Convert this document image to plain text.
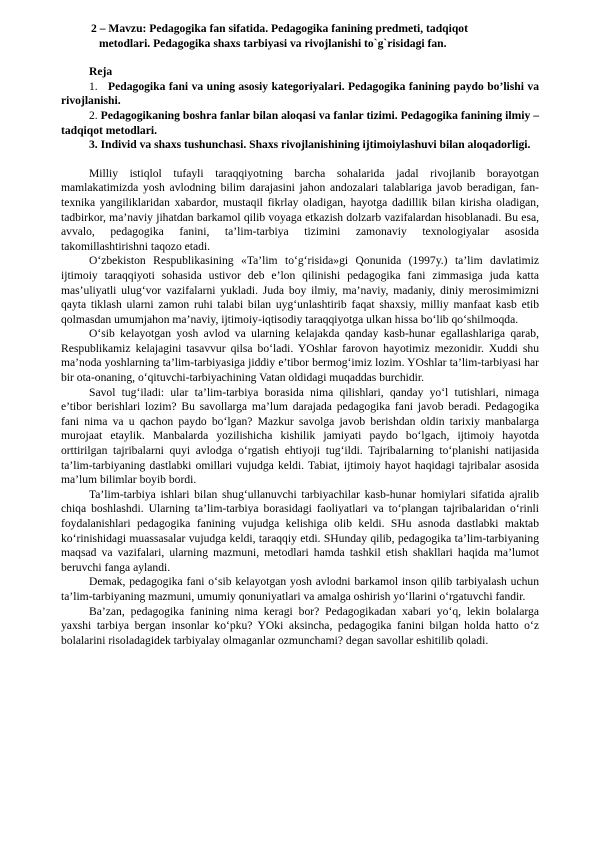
2 – Mavzu: Pedagogika fan sifatida. Pedagogika fanining predmeti, tadqiqot
metodlari. Pedagogika shaxs tarbiyasi va rivojlanishi to`g`risidagi fan.

Reja

1. Pedagogika fani va uning asosiy kategoriyalari. Pedagogika fanining paydo bo’lishi va rivojlanishi.

2. Pedagogikaning boshra fanlar bilan aloqasi va fanlar tizimi. Pedagogika fanining ilmiy – tadqiqot metodlari.

3. Individ va shaxs tushunchasi. Shaxs rivojlanishining ijtimoiylashuvi bilan aloqadorligi.

Milliy istiqlol tufayli taraqqiyotning barcha sohalarida jadal rivojlanib borayotgan mamlakatimizda yosh avlodning bilim darajasini jahon andozalari talablariga javob beradigan, fan-texnika yangiliklaridan xabardor, mustaqil fikrlay oladigan, hayotga dadillik bilan kirisha oladigan, tadbirkor, ma’naviy jihatdan barkamol qilib voyaga etkazish dolzarb vazifalardan hisoblanadi. Bu esa, avvalo, pedagogika fanini, ta’lim-tarbiya tizimini zamonaviy texnologiyalar asosida takomillashtirishni taqozo etadi.

O‘zbekiston Respublikasining «Ta’lim to‘g‘risida»gi Qonunida (1997y.) ta’lim davlatimiz ijtimoiy taraqqiyoti sohasida ustivor deb e’lon qilinishi pedagogika fani zimmasiga juda katta mas’uliyatli ulug‘vor vazifalarni yukladi. Juda boy ilmiy, ma’naviy, madaniy, diniy merosimimizni qayta tiklash ularni zamon ruhi talabi bilan uyg‘unlashtirib faqat shaxsiy, milliy manfaat kasb etib qolmasdan umumjahon ma’naviy, ijtimoiy-iqtisodiy taraqqiyotga ulkan hissa bo‘lib qo‘shilmoqda.

O‘sib kelayotgan yosh avlod va ularning kelajakda qanday kasb-hunar egallashlariga qarab, Respublikamiz kelajagini tasavvur qilsa bo‘ladi. YOshlar farovon hayotimiz mezonidir. Xuddi shu ma’noda yoshlarning ta’lim-tarbiyasiga jiddiy e’tibor bermog‘imiz lozim. YOshlar ta’lim-tarbiyasi har bir ota-onaning, o‘qituvchi-tarbiyachining Vatan oldidagi muqaddas burchidir.

Savol tug‘iladi: ular ta’lim-tarbiya borasida nima qilishlari, qanday yo‘l tutishlari, nimaga e’tibor berishlari lozim? Bu savollarga ma’lum darajada pedagogika fani javob beradi. Pedagogika fani nima va u qachon paydo bo‘lgan? Mazkur savolga javob berishdan oldin tarixiy manbalarga murojaat etaylik. Manbalarda yozilishicha kishilik jamiyati paydo bo‘lgach, ijtimoiy hayotda orttirilgan tajribalarni quyi avlodga o‘rgatish ehtiyoji tug‘ildi. Tajribalarning to‘planishi natijasida ta’lim-tarbiyaning dastlabki omillari vujudga keldi. Tabiat, ijtimoiy hayot haqidagi tajribalar asosida ma’lum bilimlar boyib bordi.

Ta’lim-tarbiya ishlari bilan shug‘ullanuvchi tarbiyachilar kasb-hunar homiylari sifatida ajralib chiqa boshlashdi. Ularning ta’lim-tarbiya borasidagi faoliyatlari va to‘plangan tajribalaridan o‘rinli foydalanishlari pedagogika fanining vujudga kelishiga olib keldi. SHu asnoda dastlabki maktab ko‘rinishidagi muassasalar vujudga keldi, taraqqiy etdi. SHunday qilib, pedagogika ta’lim-tarbiyaning maqsad va vazifalari, ularning mazmuni, metodlari hamda tashkil etish shakllari haqida ma’lumot beruvchi fanga aylandi.

Demak, pedagogika fani o‘sib kelayotgan yosh avlodni barkamol inson qilib tarbiyalash uchun ta’lim-tarbiyaning mazmuni, umumiy qonuniyatlari va amalga oshirish yo‘llarini o‘rgatuvchi fandir.

Ba’zan, pedagogika fanining nima keragi bor? Pedagogikadan xabari yo‘q, lekin bolalarga yaxshi tarbiya bergan insonlar ko‘pku? YOki aksincha, pedagogika fanini bilgan holda hatto o‘z bolalarini risoladagidek tarbiyalay olmaganlar ozmunchami? degan savollar eshitilib qoladi.
